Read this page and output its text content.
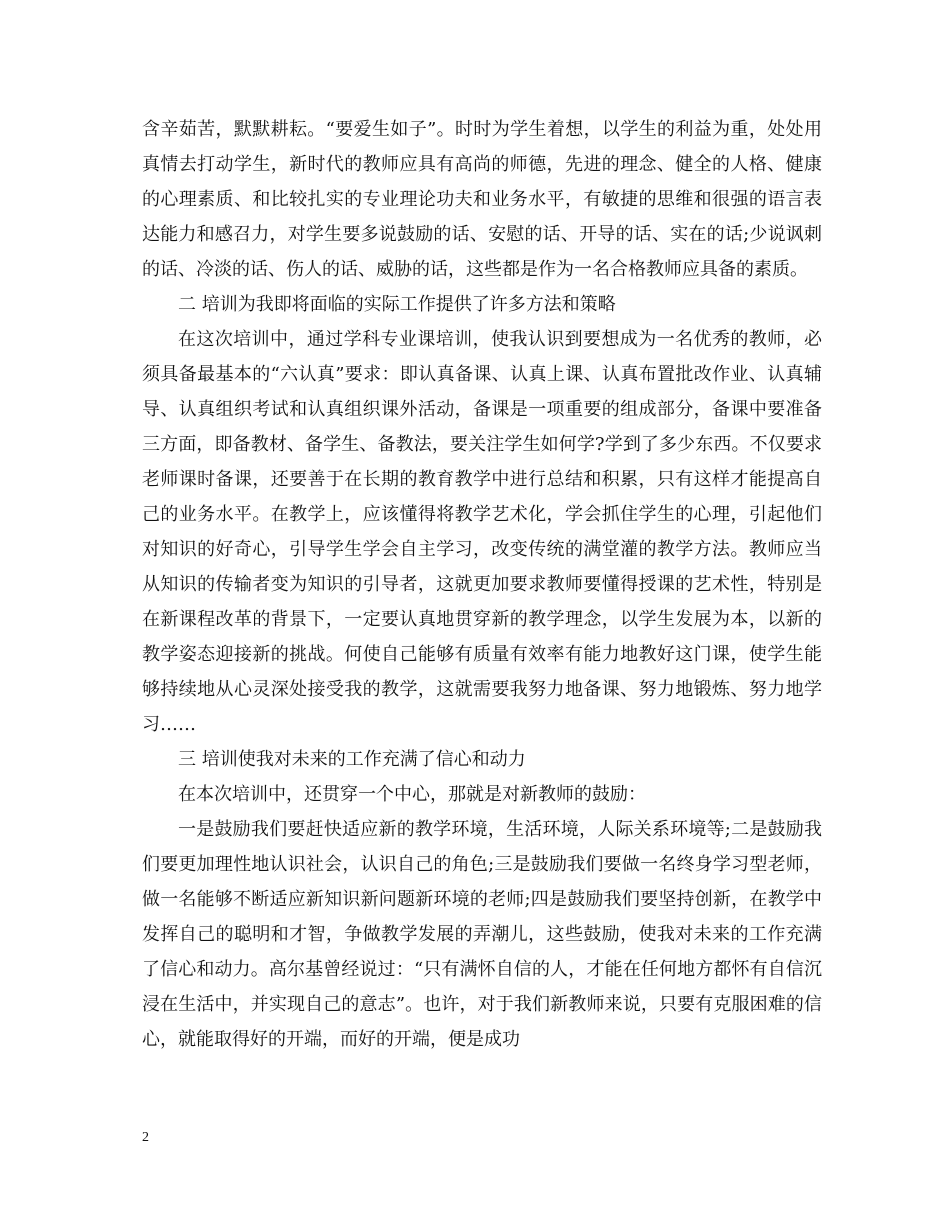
含辛茹苦，默默耕耘。“要爱生如子”。时时为学生着想，以学生的利益为重，处处用真情去打动学生，新时代的教师应具有高尚的师德，先进的理念、健全的人格、健康的心理素质、和比较扎实的专业理论功夫和业务水平，有敏捷的思维和很强的语言表达能力和感召力，对学生要多说鼓励的话、安慰的话、开导的话、实在的话;少说讽刺的话、冷淡的话、伤人的话、威胁的话，这些都是作为一名合格教师应具备的素质。

二 培训为我即将面临的实际工作提供了许多方法和策略

在这次培训中，通过学科专业课培训，使我认识到要想成为一名优秀的教师，必须具备最基本的“六认真”要求：即认真备课、认真上课、认真布置批改作业、认真辅导、认真组织考试和认真组织课外活动，备课是一项重要的组成部分，备课中要准备三方面，即备教材、备学生、备教法，要关注学生如何学?学到了多少东西。不仅要求老师课时备课，还要善于在长期的教育教学中进行总结和积累，只有这样才能提高自己的业务水平。在教学上，应该懂得将教学艺术化，学会抓住学生的心理，引起他们对知识的好奇心，引导学生学会自主学习，改变传统的满堂灌的教学方法。教师应当从知识的传输者变为知识的引导者，这就更加要求教师要懂得授课的艺术性，特别是在新课程改革的背景下，一定要认真地贯穿新的教学理念，以学生发展为本，以新的教学姿态迎接新的挑战。何使自己能够有质量有效率有能力地教好这门课，使学生能够持续地从心灵深处接受我的教学，这就需要我努力地备课、努力地锻炼、努力地学习……

三 培训使我对未来的工作充满了信心和动力

在本次培训中，还贯穿一个中心，那就是对新教师的鼓励：

一是鼓励我们要赶快适应新的教学环境，生活环境，人际关系环境等;二是鼓励我们要更加理性地认识社会，认识自己的角色;三是鼓励我们要做一名终身学习型老师，做一名能够不断适应新知识新问题新环境的老师;四是鼓励我们要坚持创新，在教学中发挥自己的聪明和才智，争做教学发展的弄潮儿，这些鼓励，使我对未来的工作充满了信心和动力。高尔基曾经说过：“只有满怀自信的人，才能在任何地方都怀有自信沉浸在生活中，并实现自己的意志”。也许，对于我们新教师来说，只要有克服困难的信心，就能取得好的开端，而好的开端，便是成功

2
